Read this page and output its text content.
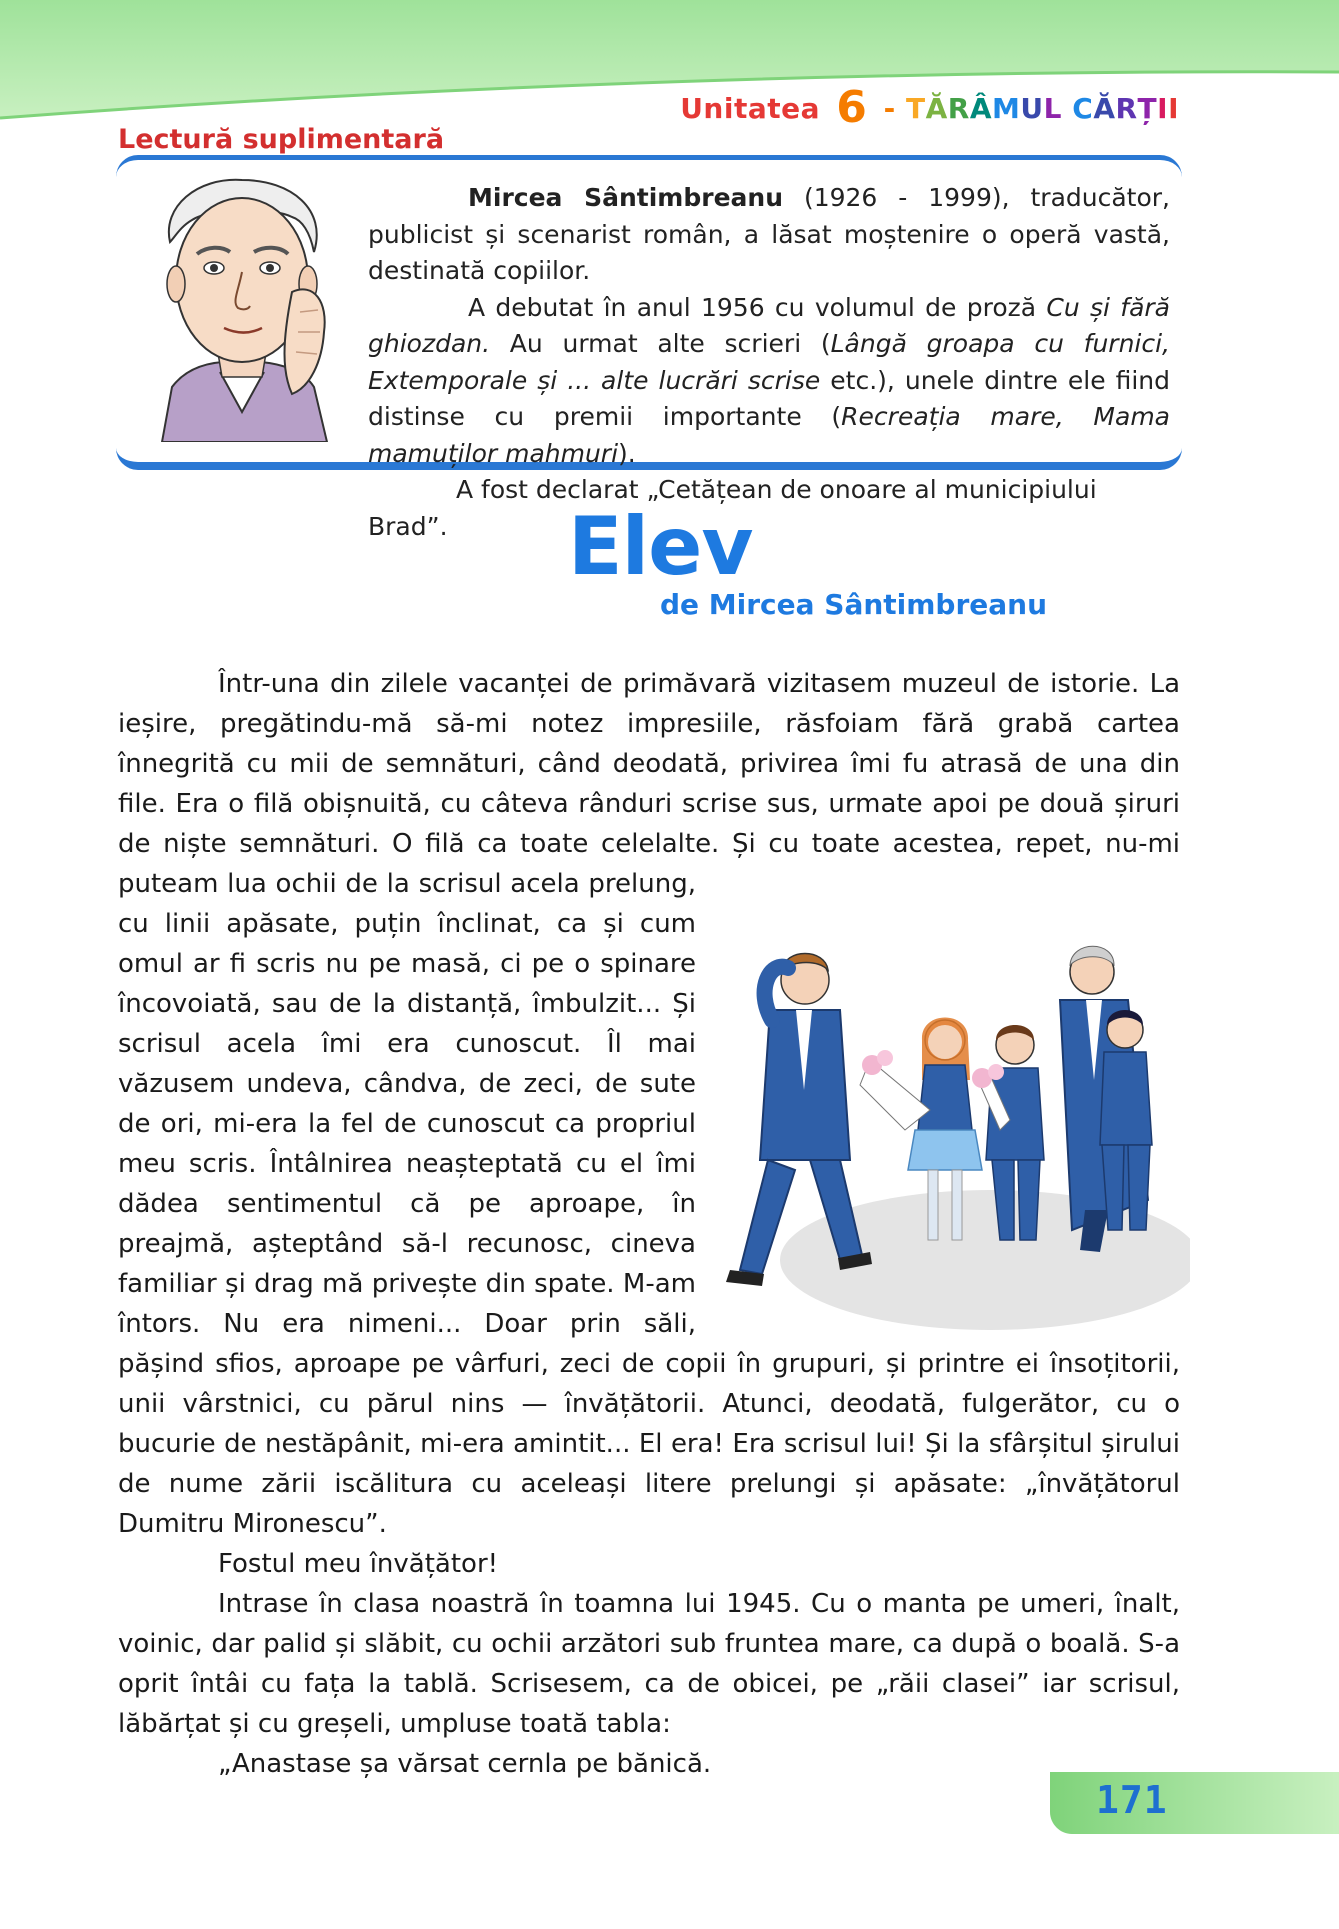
Unitatea 6 - TĂRÂMUL CĂRȚII
Lectură suplimentară

Mircea Sântimbreanu (1926 - 1999), traducător, publicist și scenarist român, a lăsat moștenire o operă vastă, destinată copiilor.

A debutat în anul 1956 cu volumul de proză Cu și fără ghiozdan. Au urmat alte scrieri (Lângă groapa cu furnici, Extemporale și ... alte lucrări scrise etc.), unele dintre ele fiind distinse cu premii importante (Recreația mare, Mama mamuților mahmuri).

A fost declarat „Cetățean de onoare al municipiului Brad”.	Elev
de Mircea Sântimbreanu

Într-una din zilele vacanței de primăvară vizitasem muzeul de istorie. La ieșire, pregătindu-mă să-mi notez impresiile, răsfoiam fără grabă cartea înnegrită cu mii de semnături, când deodată, privirea îmi fu atrasă de una din file. Era o filă obișnuită, cu câteva rânduri scrise sus, urmate apoi pe două șiruri de niște semnături. O filă ca toate celelalte. Și cu toate acestea, repet, nu-mi puteam lua ochii de la scrisul acela prelung, cu linii apăsate, puțin înclinat, ca și cum omul ar fi scris nu pe masă, ci pe o spinare încovoiată, sau de la distanță, îmbulzit... Și scrisul acela îmi era cunoscut. Îl mai văzusem undeva, cândva, de zeci, de sute de ori, mi-era la fel de cunoscut ca propriul meu scris. Întâlnirea neașteptată cu el îmi dădea sentimentul că pe aproape, în preajmă, așteptând să-l recunosc, cineva familiar și drag mă privește din spate. M-am întors. Nu era nimeni... Doar prin săli, pășind sfios, aproape pe vârfuri, zeci de copii în grupuri, și printre ei însoțitorii, unii vârstnici, cu părul nins — învățătorii. Atunci, deodată, fulgerător, cu o bucurie de nestăpânit, mi-era amintit... El era! Era scrisul lui! Și la sfârșitul șirului de nume zării iscălitura cu aceleași litere prelungi și apăsate: „învățătorul Dumitru Mironescu”.

Fostul meu învățător!

Intrase în clasa noastră în toamna lui 1945. Cu o manta pe umeri, înalt, voinic, dar palid și slăbit, cu ochii arzători sub fruntea mare, ca după o boală. S-a oprit întâi cu fața la tablă. Scrisesem, ca de obicei, pe „răii clasei” iar scrisul, lăbărțat și cu greșeli, umpluse toată tabla:

„Anastase șa vărsat cernla pe bănică.

171
